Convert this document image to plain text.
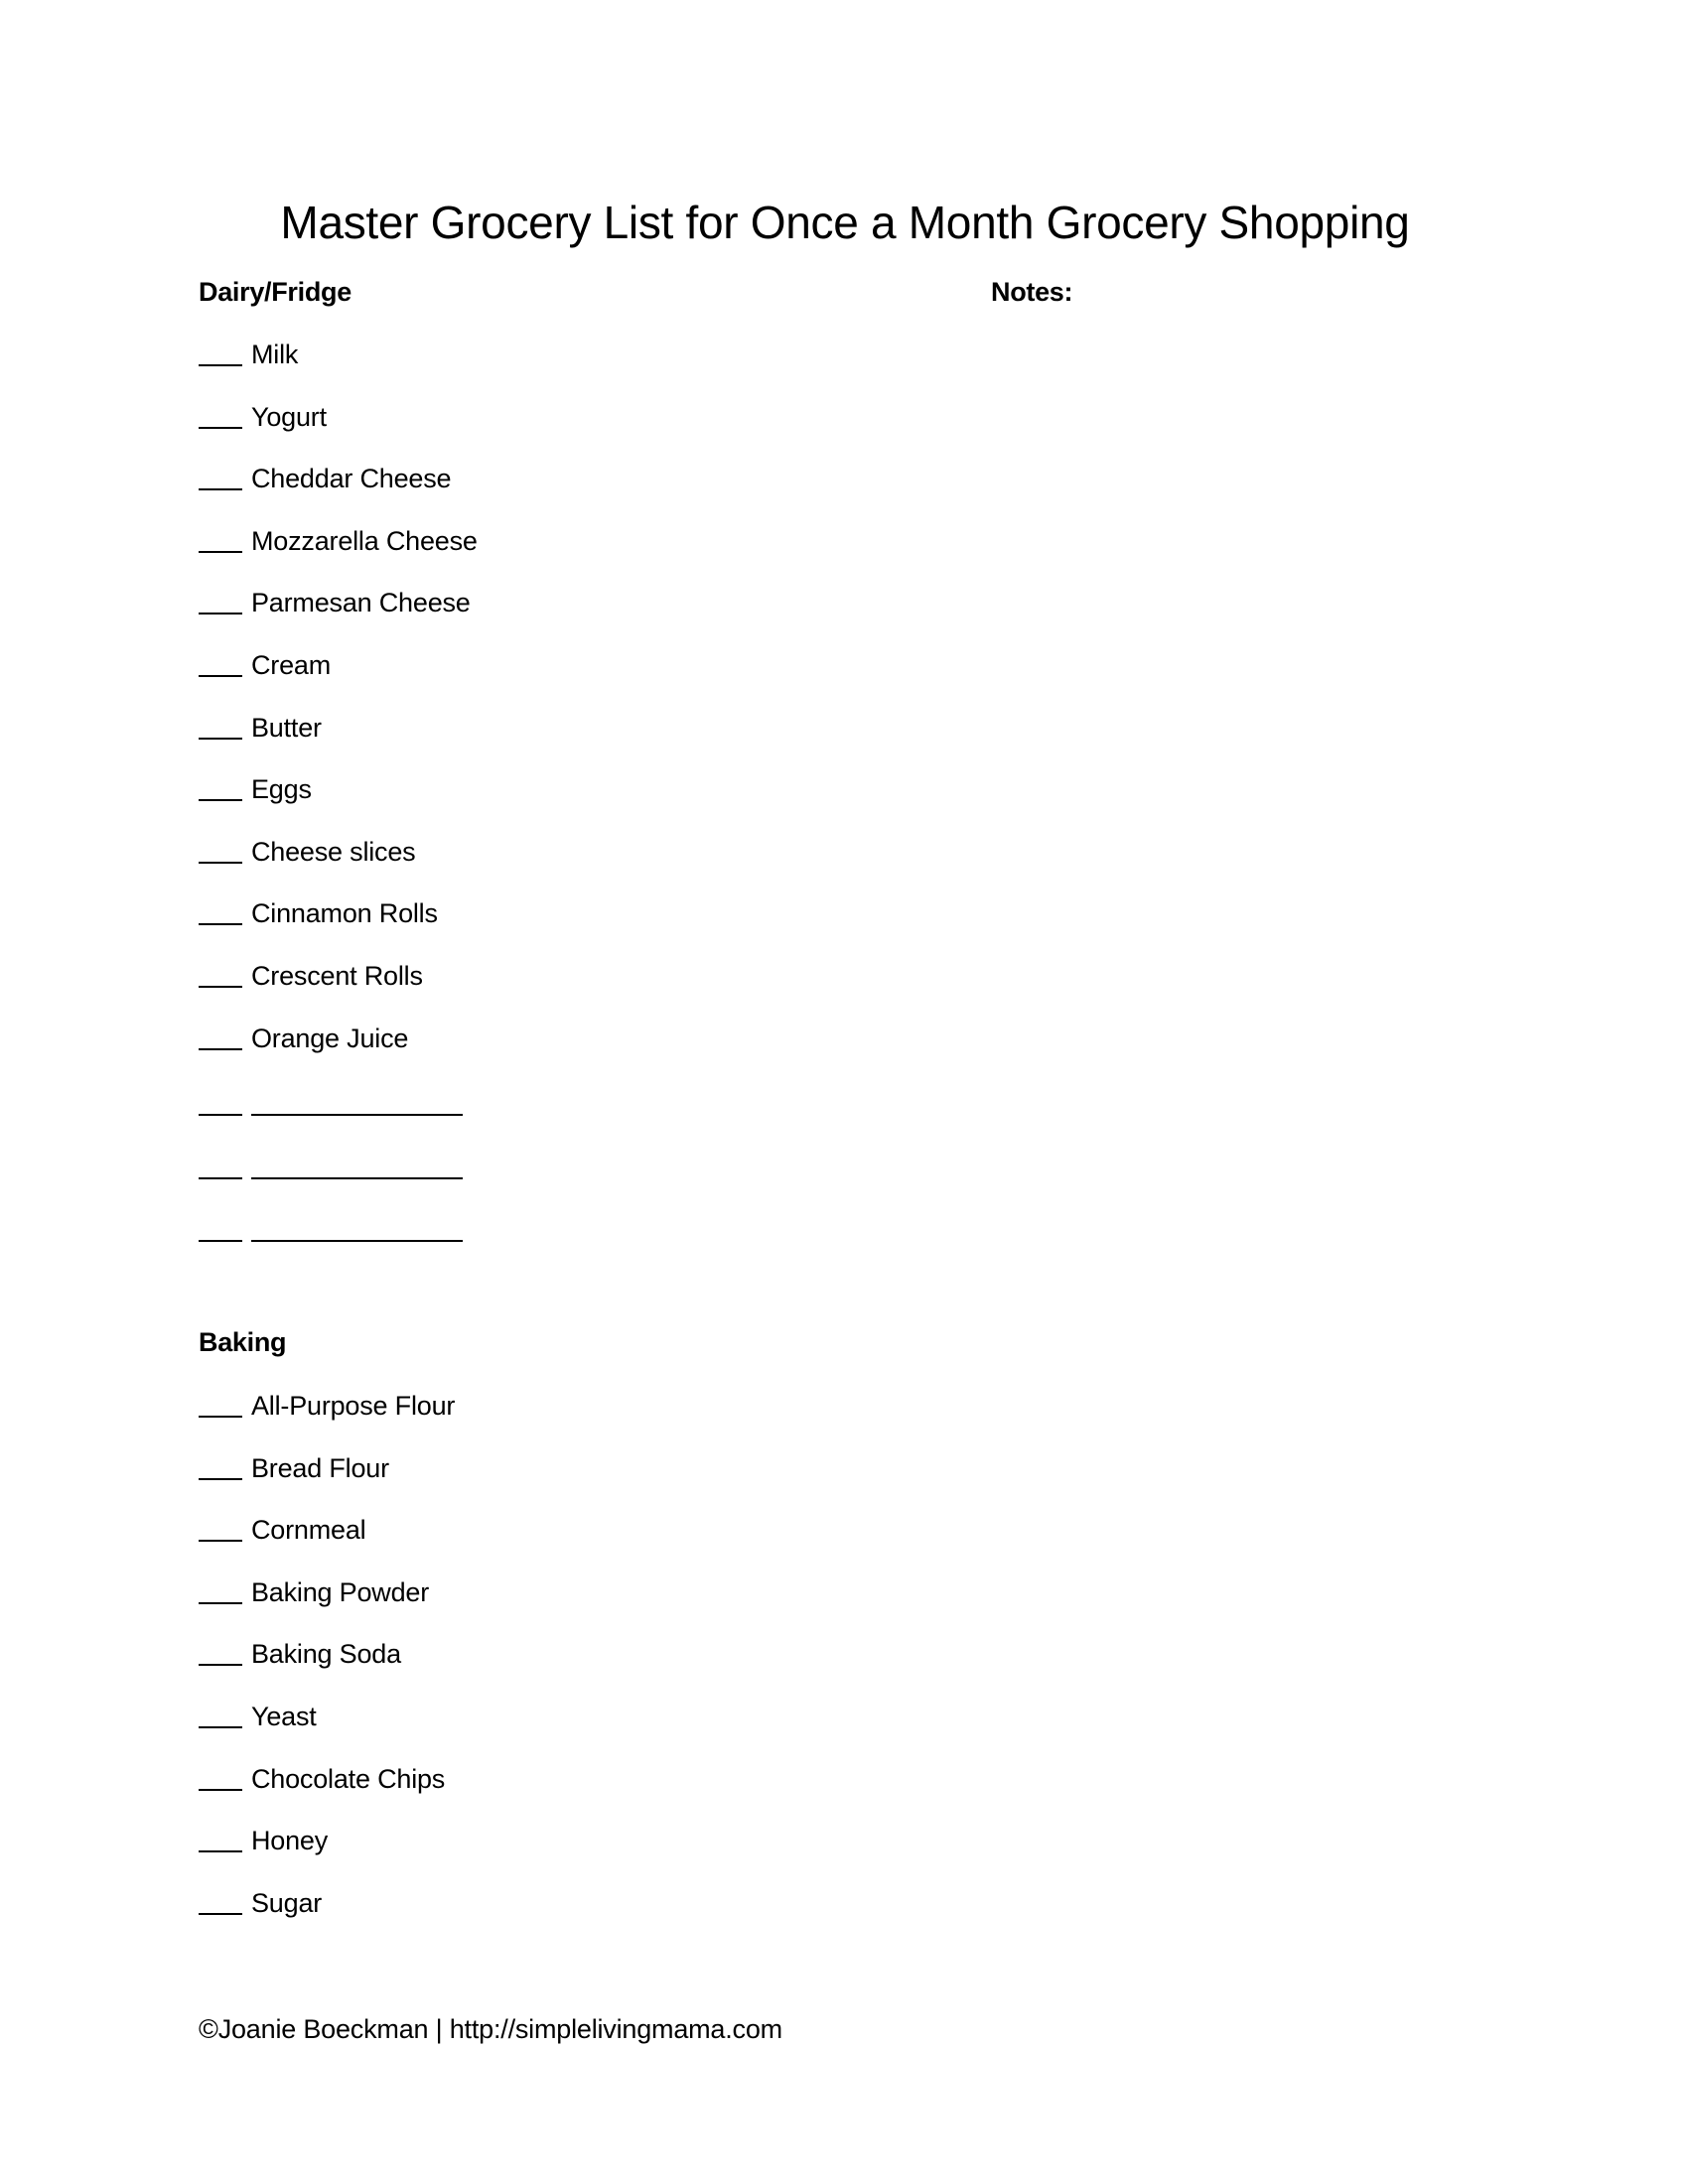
Master Grocery List for Once a Month Grocery Shopping
Dairy/Fridge	Notes:
Milk
Yogurt
Cheddar Cheese
Mozzarella Cheese
Parmesan Cheese
Cream
Butter
Eggs
Cheese slices
Cinnamon Rolls
Crescent Rolls
Orange Juice
Baking
All-Purpose Flour
Bread Flour
Cornmeal
Baking Powder
Baking Soda
Yeast
Chocolate Chips
Honey
Sugar
©Joanie Boeckman | http://simplelivingmama.com
